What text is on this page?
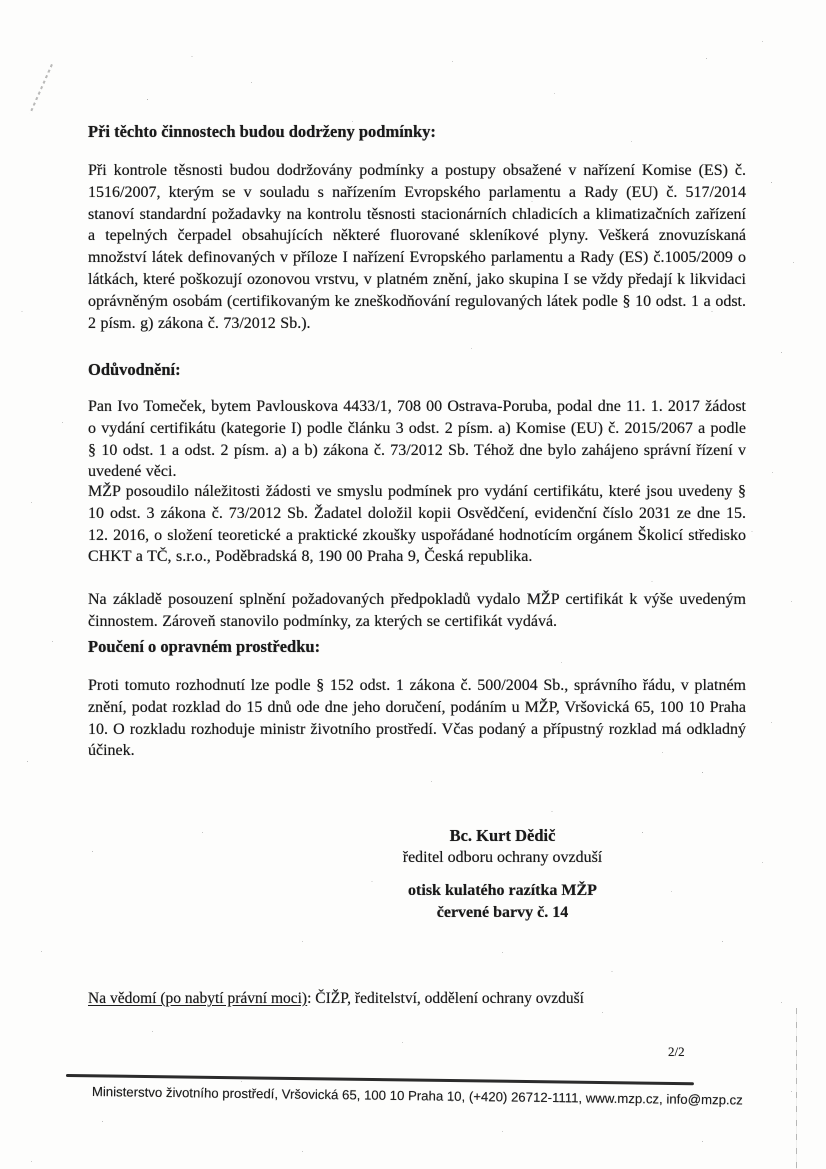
Při těchto činnostech budou dodrženy podmínky:

Při kontrole těsnosti budou dodržovány podmínky a postupy obsažené v nařízení Komise (ES) č. 1516/2007, kterým se v souladu s nařízením Evropského parlamentu a Rady (EU) č. 517/2014 stanoví standardní požadavky na kontrolu těsnosti stacionárních chladicích a klimatizačních zařízení a tepelných čerpadel obsahujících některé fluorované skleníkové plyny. Veškerá znovuzískaná množství látek definovaných v příloze I nařízení Evropského parlamentu a Rady (ES) č.1005/2009 o látkách, které poškozují ozonovou vrstvu, v platném znění, jako skupina I se vždy předají k likvidaci oprávněným osobám (certifikovaným ke zneškodňování regulovaných látek podle § 10 odst. 1 a odst. 2 písm. g) zákona č. 73/2012 Sb.).

Odůvodnění:

Pan Ivo Tomeček, bytem Pavlouskova 4433/1, 708 00 Ostrava-Poruba, podal dne 11. 1. 2017 žádost o vydání certifikátu (kategorie I) podle článku 3 odst. 2 písm. a) Komise (EU) č. 2015/2067 a podle § 10 odst. 1 a odst. 2 písm. a) a b) zákona č. 73/2012 Sb. Téhož dne bylo zahájeno správní řízení v uvedené věci.

MŽP posoudilo náležitosti žádosti ve smyslu podmínek pro vydání certifikátu, které jsou uvedeny § 10 odst. 3 zákona č. 73/2012 Sb. Žadatel doložil kopii Osvědčení, evidenční číslo 2031 ze dne 15. 12. 2016, o složení teoretické a praktické zkoušky uspořádané hodnotícím orgánem Školicí středisko CHKT a TČ, s.r.o., Poděbradská 8, 190 00 Praha 9, Česká republika.

Na základě posouzení splnění požadovaných předpokladů vydalo MŽP certifikát k výše uvedeným činnostem. Zároveň stanovilo podmínky, za kterých se certifikát vydává.

Poučení o opravném prostředku:

Proti tomuto rozhodnutí lze podle § 152 odst. 1 zákona č. 500/2004 Sb., správního řádu, v platném znění, podat rozklad do 15 dnů ode dne jeho doručení, podáním u MŽP, Vršovická 65, 100 10 Praha 10. O rozkladu rozhoduje ministr životního prostředí. Včas podaný a přípustný rozklad má odkladný účinek.

Bc. Kurt Dědič

ředitel odboru ochrany ovzduší

otisk kulatého razítka MŽP

červené barvy č. 14

Na vědomí (po nabytí právní moci): ČIŽP, ředitelství, oddělení ochrany ovzduší

2/2
Ministerstvo životního prostředí, Vršovická 65, 100 10 Praha 10, (+420) 26712-1111, www.mzp.cz, info@mzp.cz
